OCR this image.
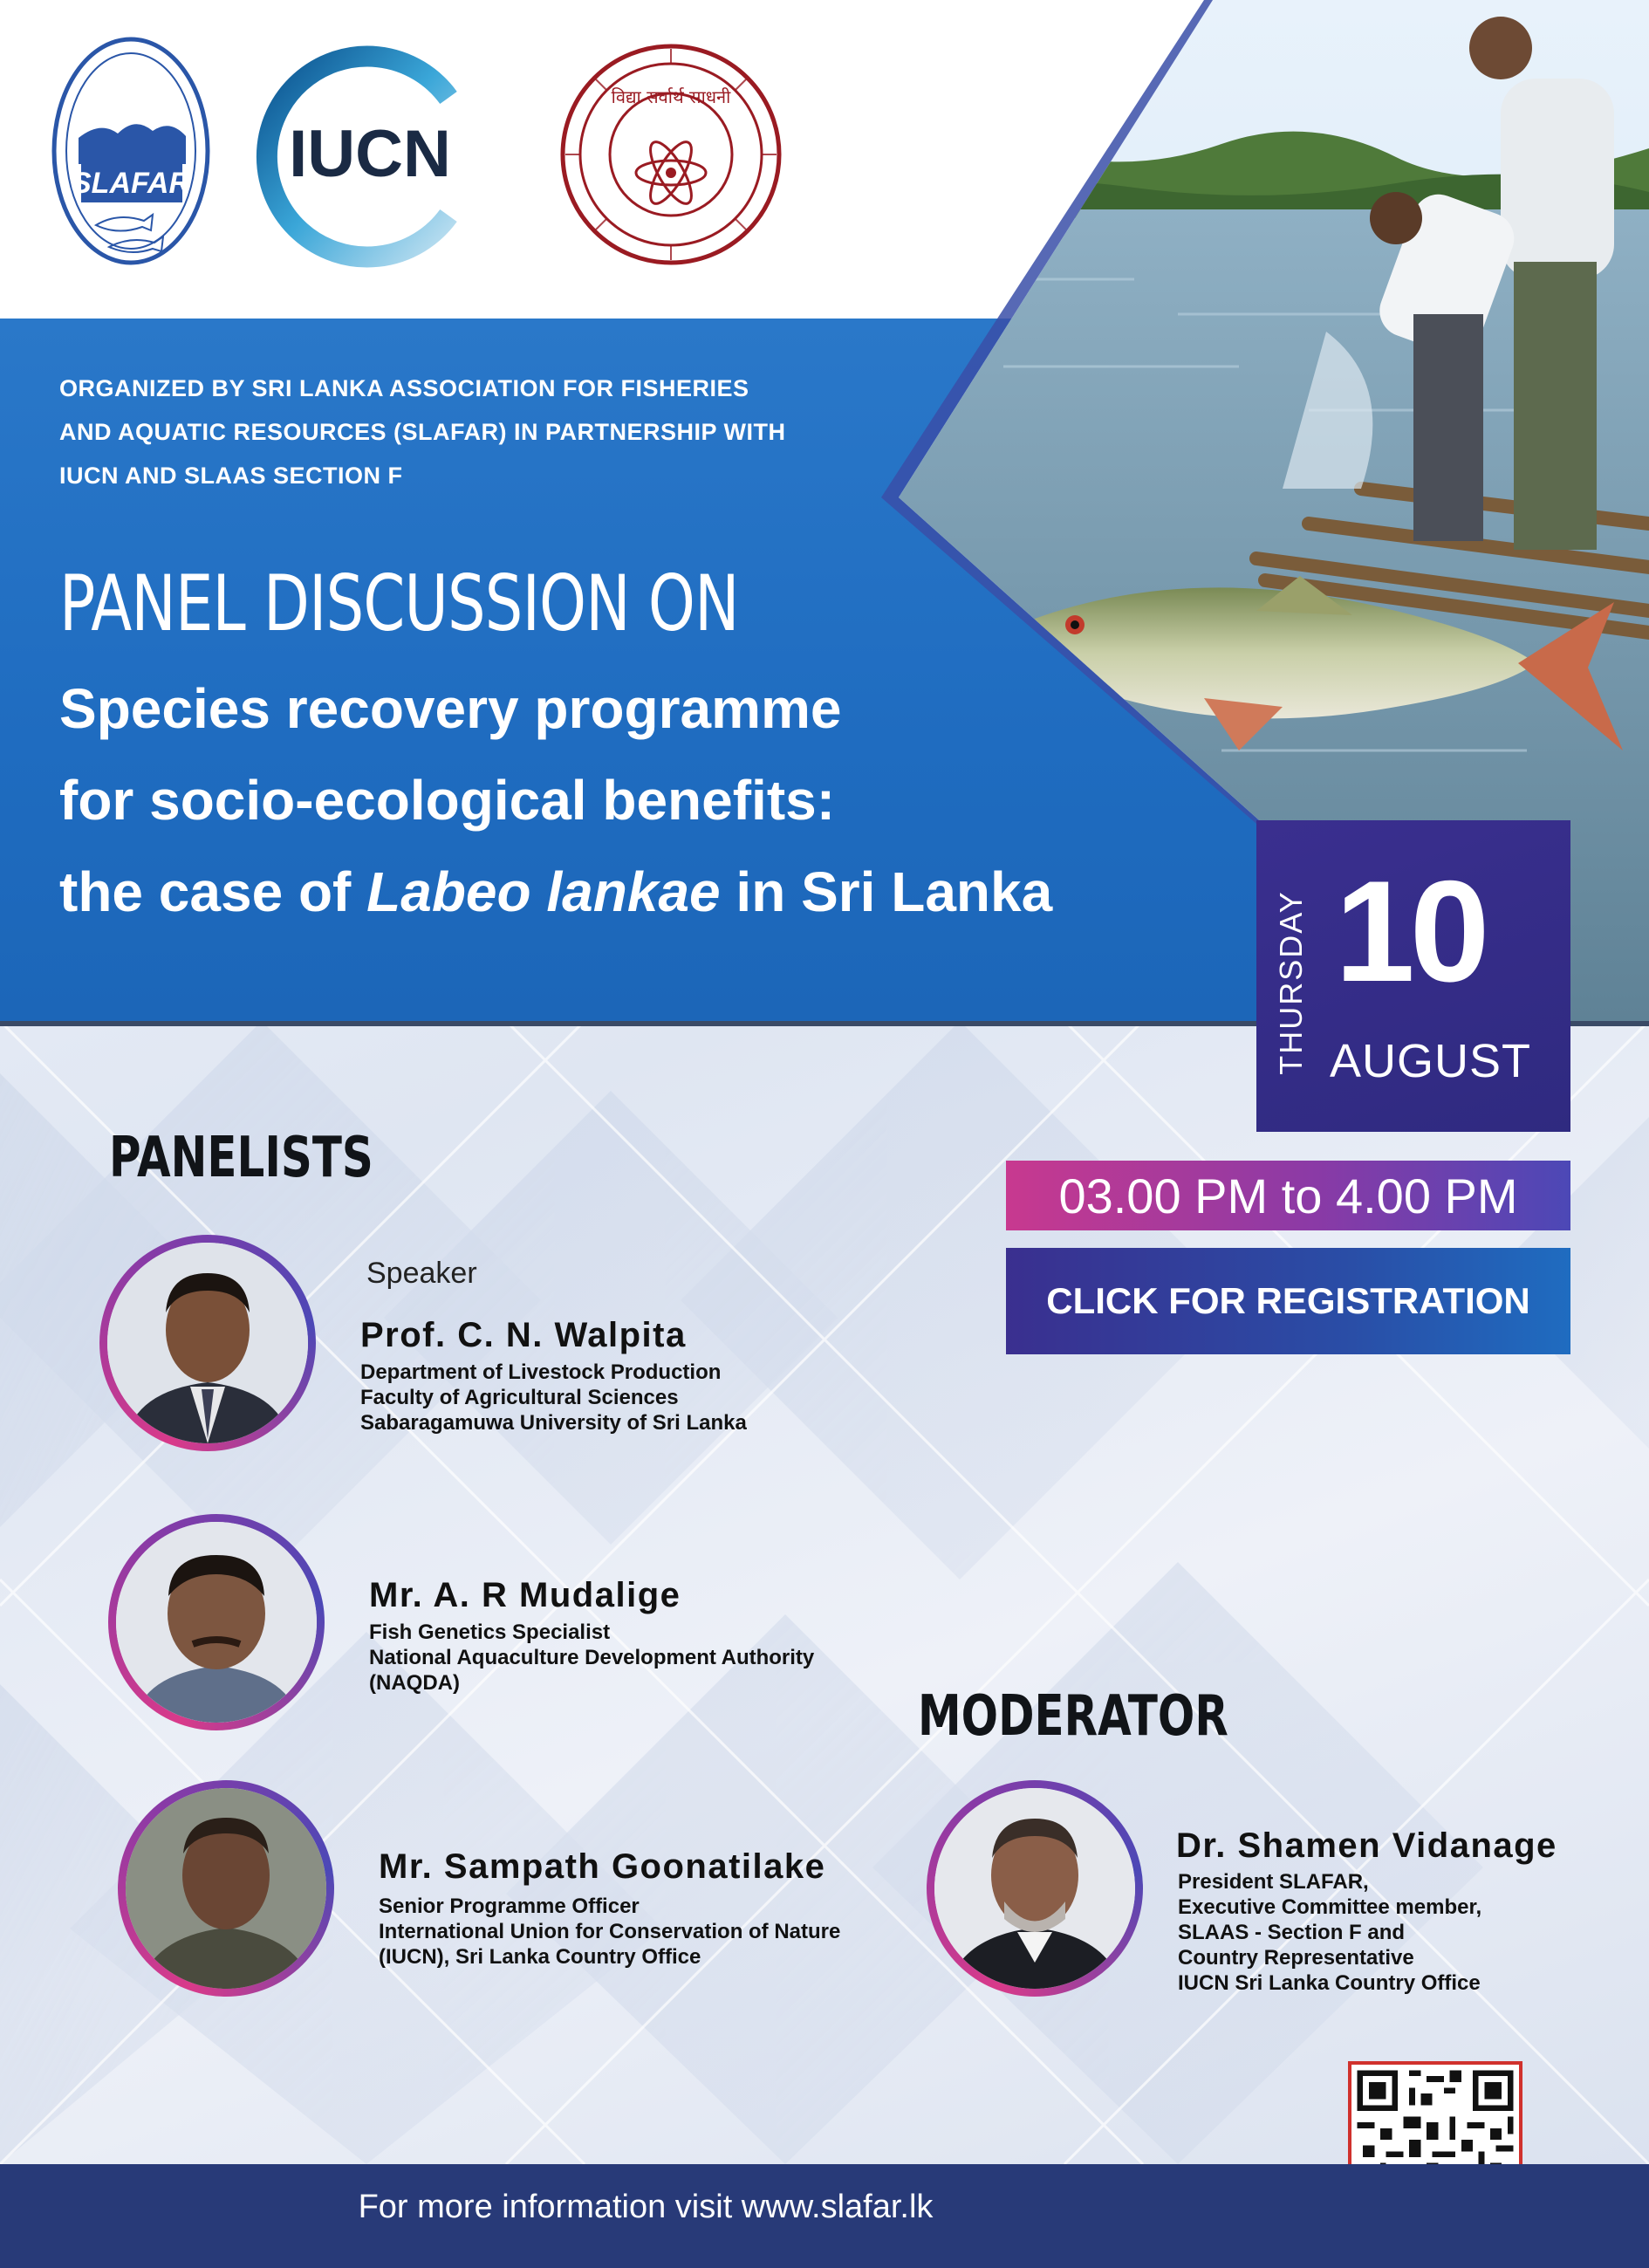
SLAFAR IUCN
विद्या सर्वार्थ साधनी
ORGANIZED BY SRI LANKA ASSOCIATION FOR FISHERIES
AND AQUATIC RESOURCES (SLAFAR) IN PARTNERSHIP WITH
IUCN AND SLAAS SECTION F
PANEL DISCUSSION ON
Species recovery programme
for socio-ecological benefits:
the case of Labeo lankae in Sri Lanka	THURSDAY 10
AUGUST
03.00 PM to 4.00 PM
CLICK FOR REGISTRATION
PANELISTS
Speaker
Prof. C. N. Walpita
Department of Livestock Production
Faculty of Agricultural Sciences
Sabaragamuwa University of Sri Lanka
Mr. A. R Mudalige
Fish Genetics Specialist
National Aquaculture Development Authority
(NAQDA)
Mr. Sampath Goonatilake
Senior Programme Officer
International Union for Conservation of Nature
(IUCN), Sri Lanka Country Office
MODERATOR
Dr. Shamen Vidanage
President SLAFAR,
Executive Committee member,
SLAAS - Section F and
Country Representative
IUCN Sri Lanka Country Office
For more information visit www.slafar.lk
